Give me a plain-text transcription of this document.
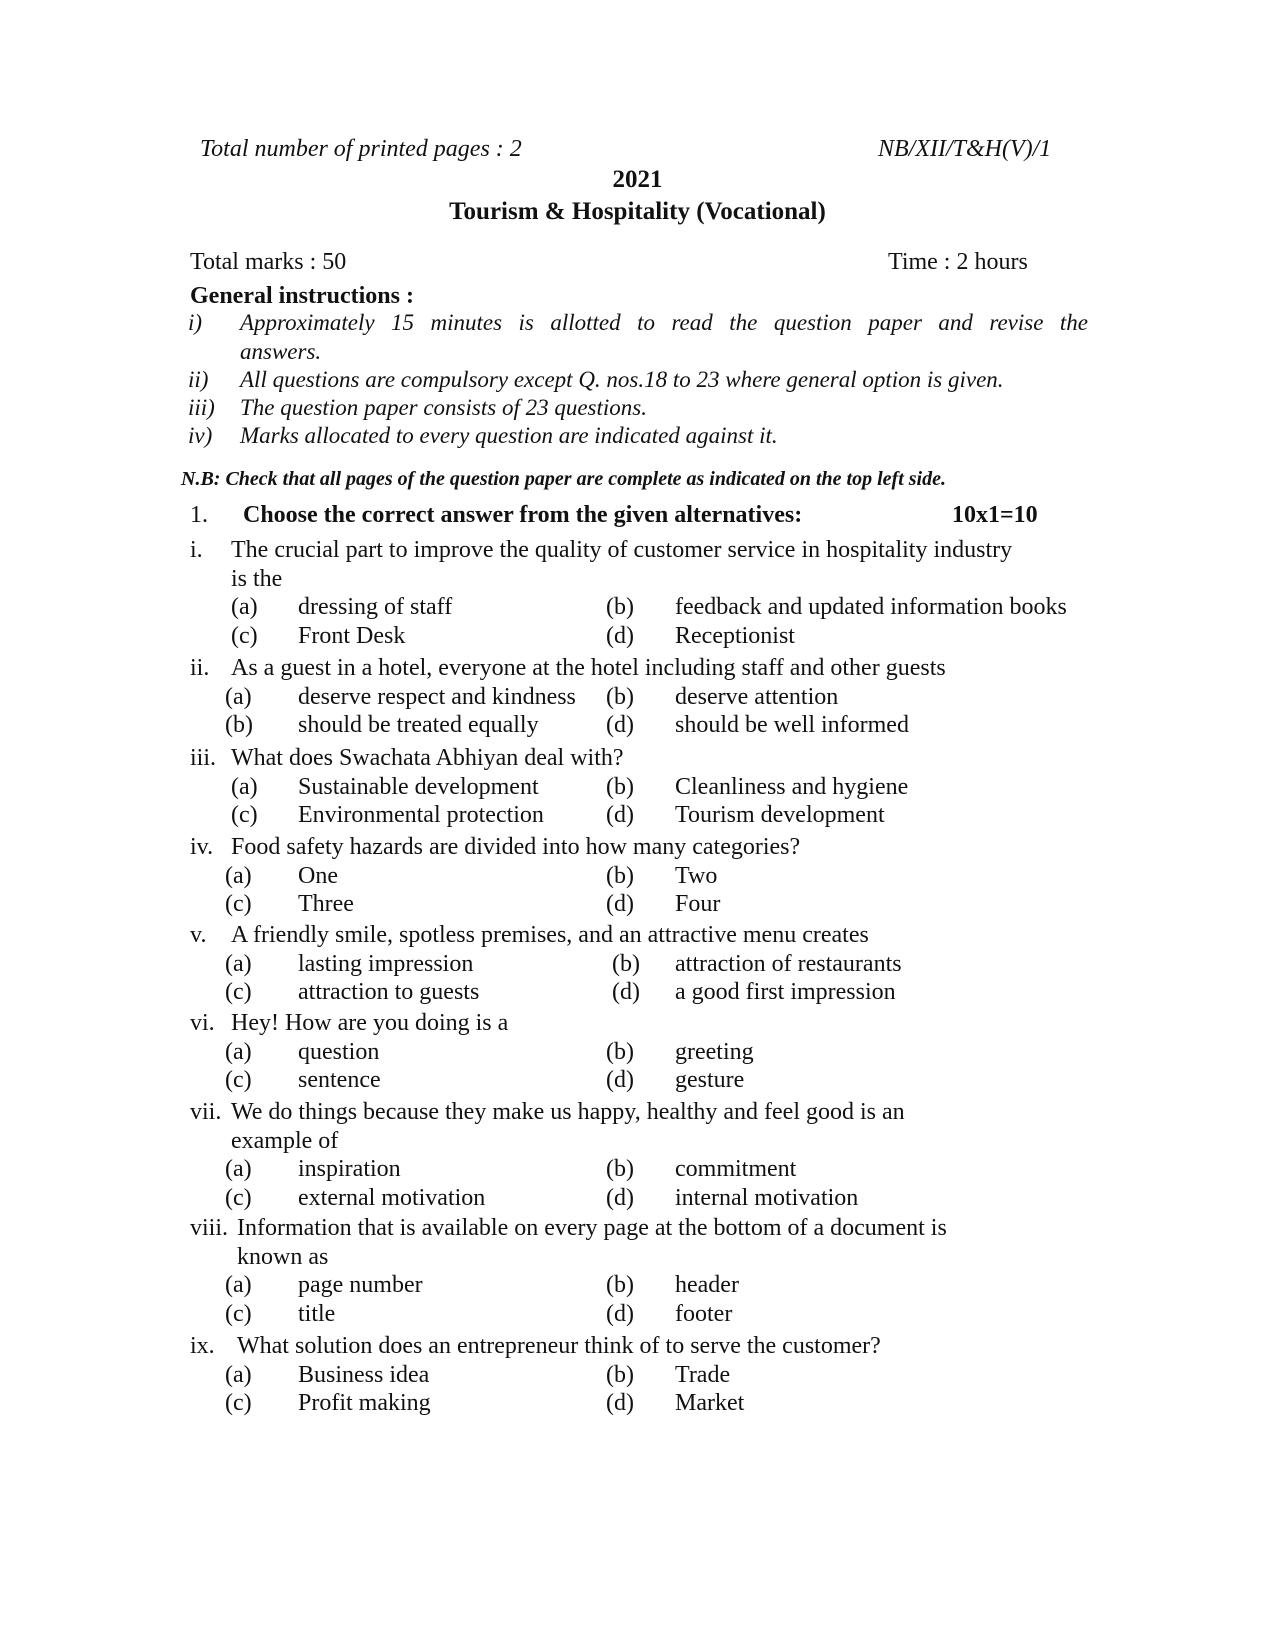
Total number of printed pages : 2	NB/XII/T&H(V)/1
2021
Tourism & Hospitality (Vocational)
Total marks : 50	Time : 2 hours
General instructions :
i) Approximately 15 minutes is allotted to read the question paper and revise the
answers.
ii) All questions are compulsory except Q. nos.18 to 23 where general option is given.
iii) The question paper consists of 23 questions.
iv) Marks allocated to every question are indicated against it.
N.B: Check that all pages of the question paper are complete as indicated on the top left side.
1. Choose the correct answer from the given alternatives:	10x1=10
i. The crucial part to improve the quality of customer service in hospitality industry
is the
(a) dressing of staff	(b) feedback and updated information books
(c) Front Desk	(d) Receptionist
ii. As a guest in a hotel, everyone at the hotel including staff and other guests
(a) deserve respect and kindness (b) deserve attention
(b) should be treated equally	(d) should be well informed
iii. What does Swachata Abhiyan deal with?
(a) Sustainable development	(b) Cleanliness and hygiene
(c) Environmental protection	(d) Tourism development
iv. Food safety hazards are divided into how many categories?
(a) One	(b) Two
(c) Three	(d) Four
v. A friendly smile, spotless premises, and an attractive menu creates
(a) lasting impression	(b) attraction of restaurants
(c) attraction to guests	(d) a good first impression
vi. Hey! How are you doing is a
(a) question	(b) greeting
(c) sentence	(d) gesture
vii. We do things because they make us happy, healthy and feel good is an
example of
(a) inspiration	(b) commitment
(c) external motivation	(d) internal motivation
viii. Information that is available on every page at the bottom of a document is
known as
(a) page number	(b) header
(c) title	(d) footer
ix. What solution does an entrepreneur think of to serve the customer?
(a) Business idea	(b) Trade
(c) Profit making	(d) Market
